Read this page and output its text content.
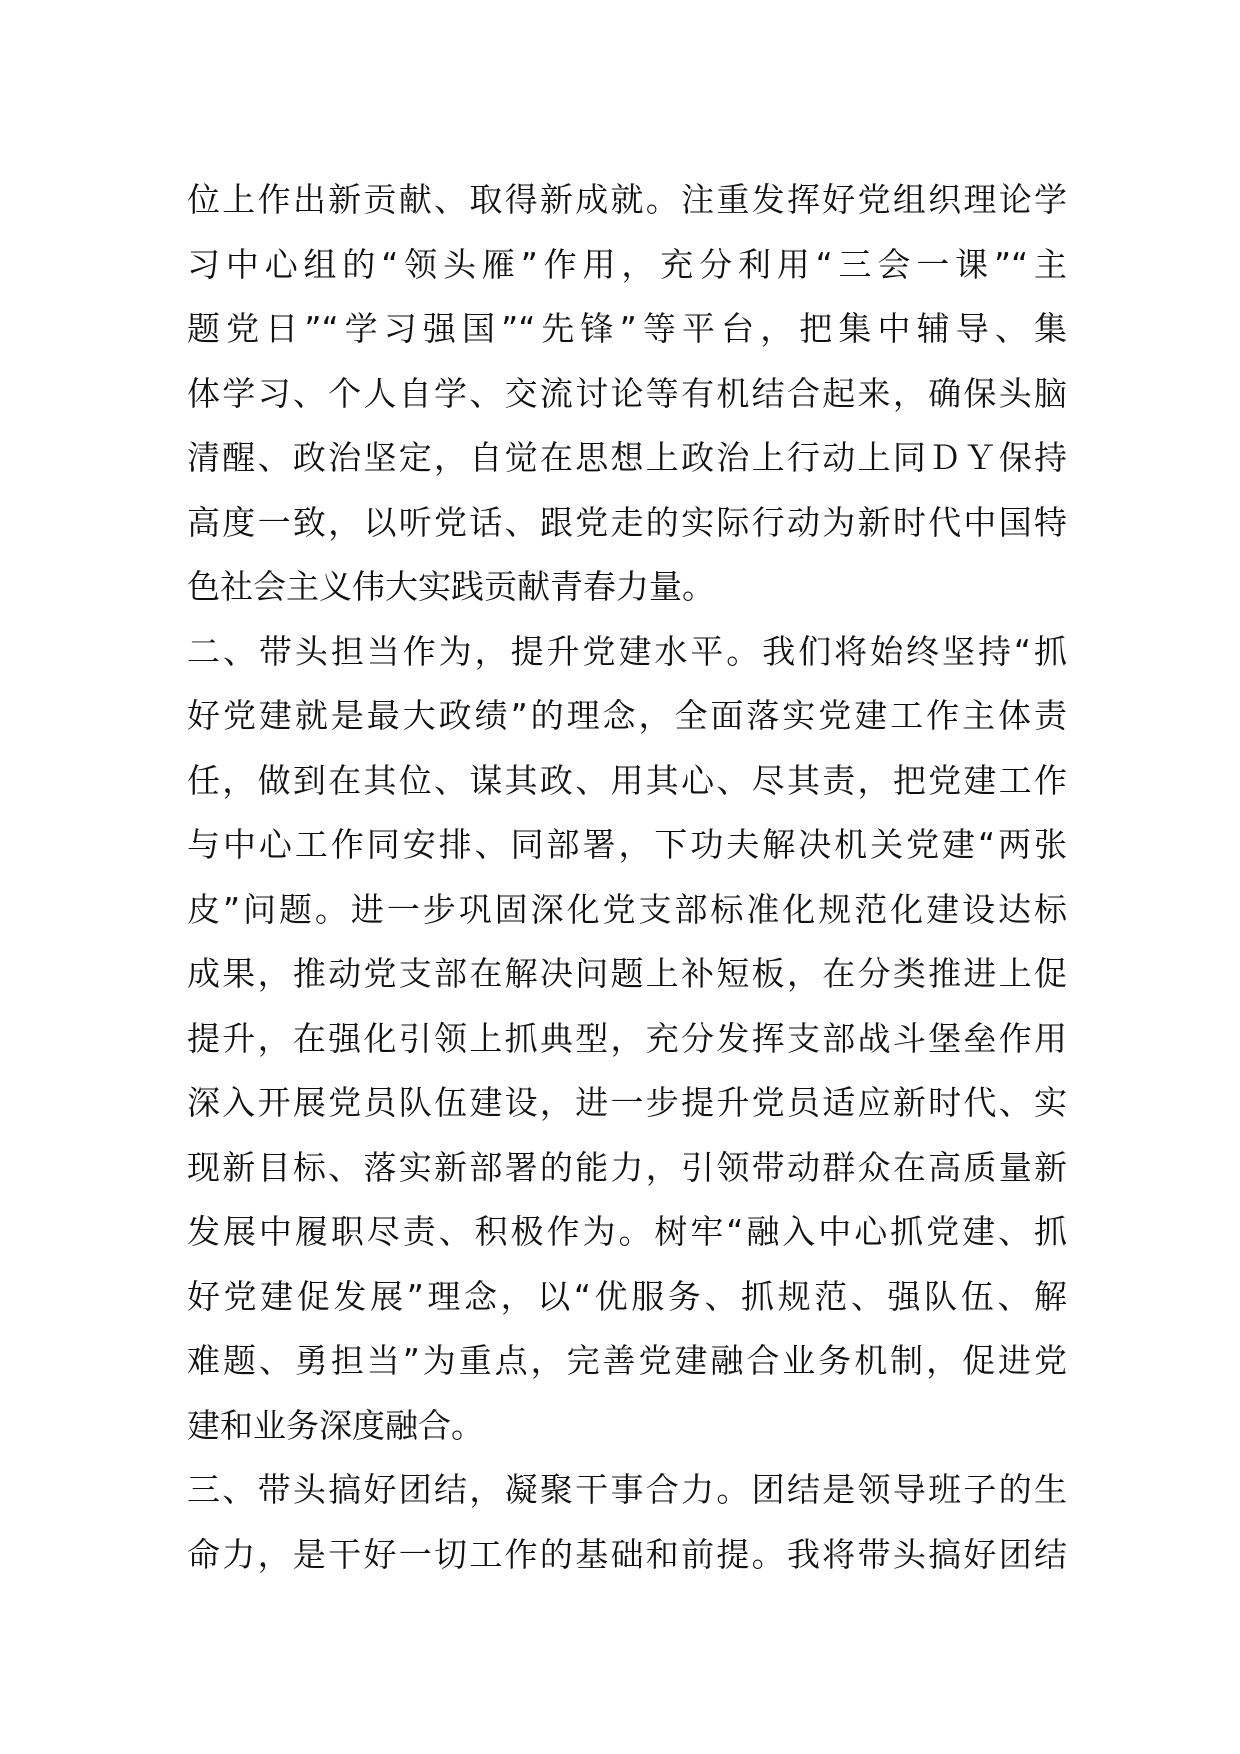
位上作出新贡献、取得新成就。注重发挥好党组织理论学
习中心组的“领头雁”作用，充分利用“三会一课”“主
题党日”“学习强国”“先锋”等平台，把集中辅导、集
体学习、个人自学、交流讨论等有机结合起来，确保头脑
清醒、政治坚定，自觉在思想上政治上行动上同ＤＹ保持
高度一致，以听党话、跟党走的实际行动为新时代中国特
色社会主义伟大实践贡献青春力量。
二、带头担当作为，提升党建水平。我们将始终坚持“抓
好党建就是最大政绩”的理念，全面落实党建工作主体责
任，做到在其位、谋其政、用其心、尽其责，把党建工作
与中心工作同安排、同部署，下功夫解决机关党建“两张
皮”问题。进一步巩固深化党支部标准化规范化建设达标
成果，推动党支部在解决问题上补短板，在分类推进上促
提升，在强化引领上抓典型，充分发挥支部战斗堡垒作用
深入开展党员队伍建设，进一步提升党员适应新时代、实
现新目标、落实新部署的能力，引领带动群众在高质量新
发展中履职尽责、积极作为。树牢“融入中心抓党建、抓
好党建促发展”理念，以“优服务、抓规范、强队伍、解
难题、勇担当”为重点，完善党建融合业务机制，促进党
建和业务深度融合。
三、带头搞好团结，凝聚干事合力。团结是领导班子的生
命力，是干好一切工作的基础和前提。我将带头搞好团结
